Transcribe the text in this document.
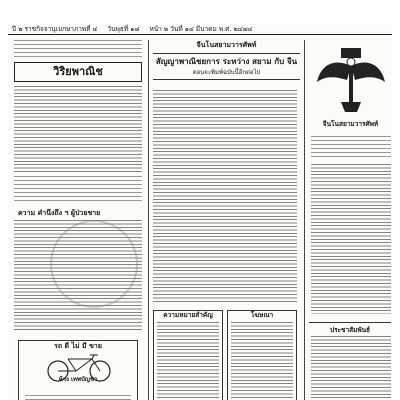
ปี ๒ ราชกิจจานุเบกษาภาพที่ ๔ วันพุธที่ ๑๘ หน้า ๒ วันที่ ๑๔ มีนาคม พ.ศ. ๒๔๗๔
วิริยพาณิช
ความ คำนึงถึง ฯ ผู้ป่วยชาย
รถ ดี ไม่ มี ขาย
ห้าง เทพบัญชา
จีนโนสยามวารศัพท์
สัญญาพาณิชยการ ระหว่าง สยาม กับ จีน
ตอนจะพิมพ์ฉบับนี้อีกต่อไป
ความหมายสำคัญ	โฆษณา
จีนโนสยามวารศัพท์
ประชาสัมพันธ์
